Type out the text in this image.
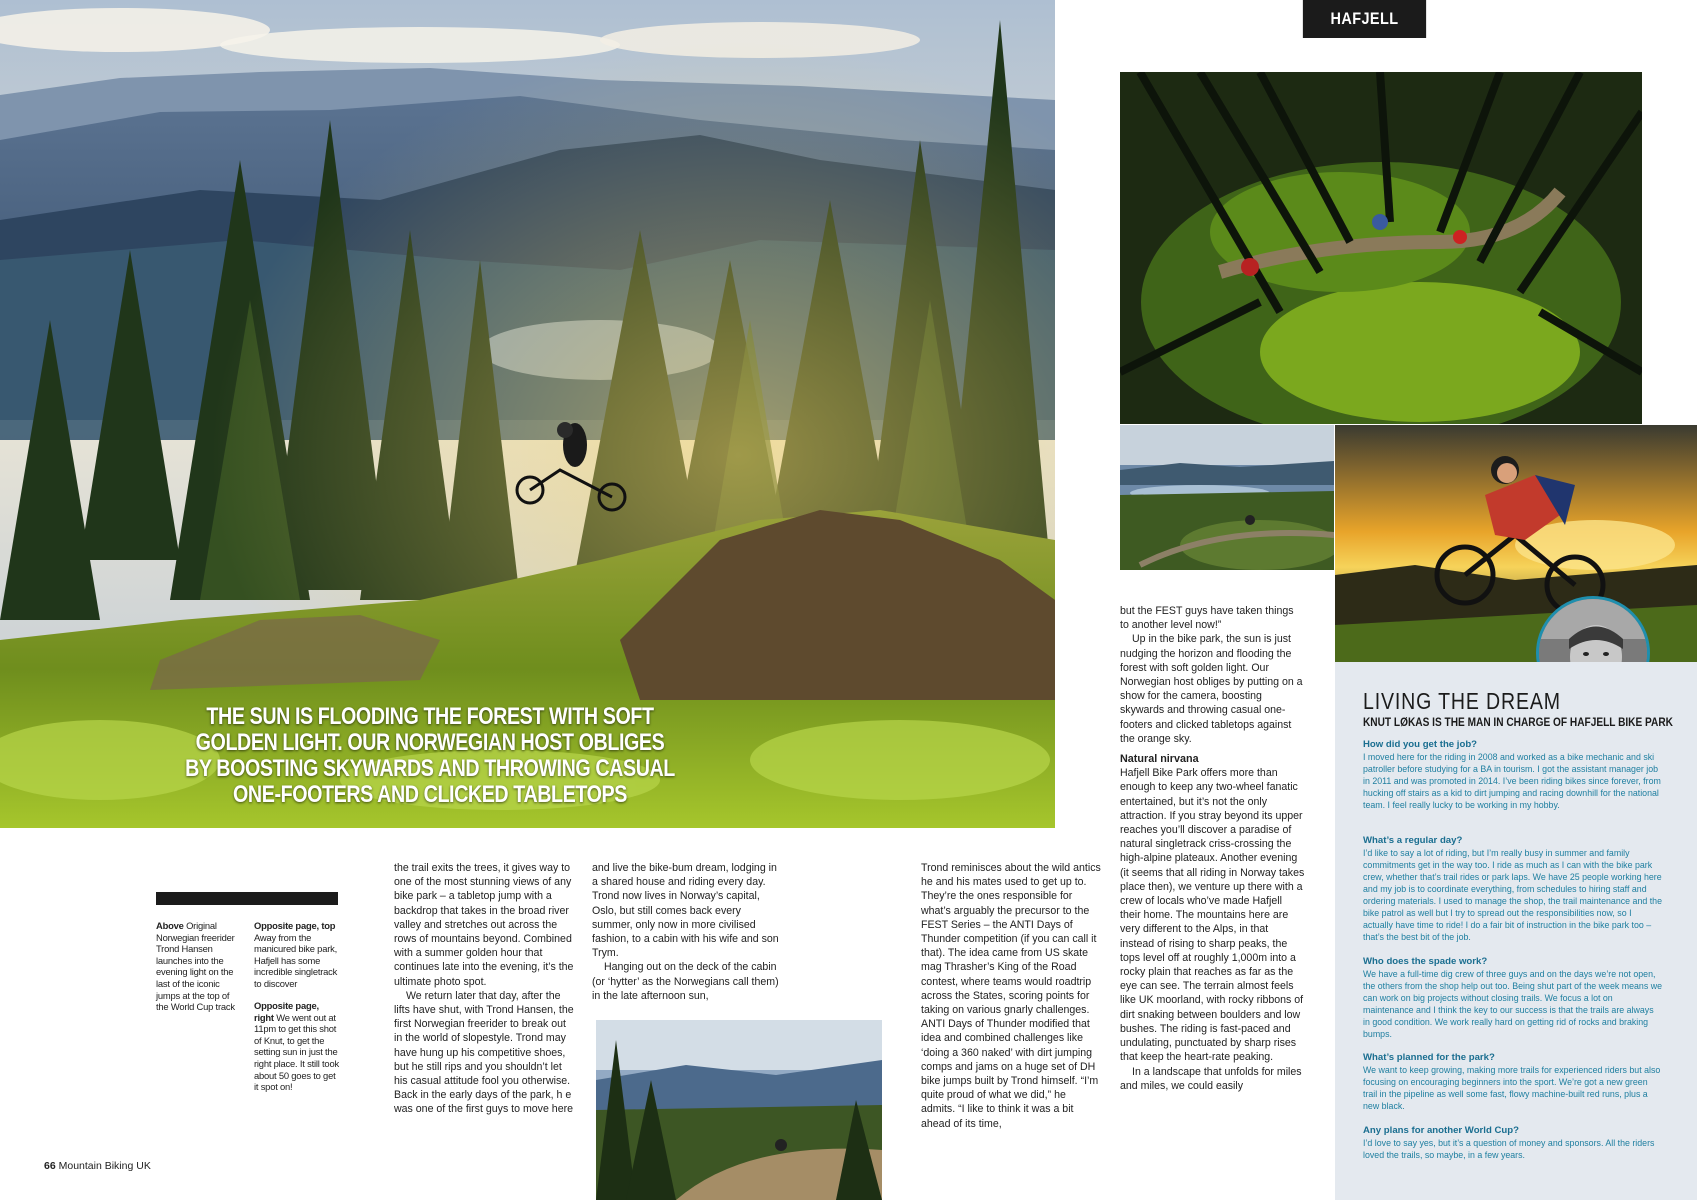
THE SUN IS FLOODING THE FOREST WITH SOFT GOLDEN LIGHT. OUR NORWEGIAN HOST OBLIGES BY BOOSTING SKYWARDS AND THROWING CASUAL ONE-FOOTERS AND CLICKED TABLETOPS
HAFJELL
Above Original Norwegian freerider Trond Hansen launches into the evening light on the last of the iconic jumps at the top of the World Cup track
Opposite page, top
Away from the manicured bike park, Hafjell has some incredible singletrack to discover
Opposite page, right We went out at 11pm to get this shot of Knut, to get the setting sun in just the right place. It still took about 50 goes to get it spot on!

the trail exits the trees, it gives way to one of the most stunning views of any bike park – a tabletop jump with a backdrop that takes in the broad river valley and stretches out across the rows of mountains beyond. Combined with a summer golden hour that continues late into the evening, it’s the ultimate photo spot.

We return later that day, after the lifts have shut, with Trond Hansen, the first Norwegian freerider to break out in the world of slopestyle. Trond may have hung up his competitive shoes, but he still rips and you shouldn’t let his casual attitude fool you otherwise. Back in the early days of the park, h e was one of the first guys to move here

and live the bike-bum dream, lodging in a shared house and riding every day. Trond now lives in Norway’s capital, Oslo, but still comes back every summer, only now in more civilised fashion, to a cabin with his wife and son Trym.

Hanging out on the deck of the cabin (or ‘hytter’ as the Norwegians call them) in the late afternoon sun,

Trond reminisces about the wild antics he and his mates used to get up to. They’re the ones responsible for what’s arguably the precursor to the FEST Series – the ANTI Days of Thunder competition (if you can call it that). The idea came from US skate mag Thrasher’s King of the Road contest, where teams would roadtrip across the States, scoring points for taking on various gnarly challenges. ANTI Days of Thunder modified that idea and combined challenges like ‘doing a 360 naked’ with dirt jumping comps and jams on a huge set of DH bike jumps built by Trond himself. “I’m quite proud of what we did,” he admits. “I like to think it was a bit ahead of its time,

but the FEST guys have taken things to another level now!”

Up in the bike park, the sun is just nudging the horizon and flooding the forest with soft golden light. Our Norwegian host obliges by putting on a show for the camera, boosting skywards and throwing casual one-footers and clicked tabletops against the orange sky.

Natural nirvana

Hafjell Bike Park offers more than enough to keep any two-wheel fanatic entertained, but it’s not the only attraction. If you stray beyond its upper reaches you’ll discover a paradise of natural singletrack criss-crossing the high-alpine plateaux. Another evening (it seems that all riding in Norway takes place then), we venture up there with a crew of locals who’ve made Hafjell their home. The mountains here are very different to the Alps, in that instead of rising to sharp peaks, the tops level off at roughly 1,000m into a rocky plain that reaches as far as the eye can see. The terrain almost feels like UK moorland, with rocky ribbons of dirt snaking between boulders and low bushes. The riding is fast-paced and undulating, punctuated by sharp rises that keep the heart-rate peaking.

In a landscape that unfolds for miles and miles, we could easily

LIVING THE DREAM
KNUT LØKAS IS THE MAN IN CHARGE OF HAFJELL BIKE PARK
How did you get the job?
I moved here for the riding in 2008 and worked as a bike mechanic and ski patroller before studying for a BA in tourism. I got the assistant manager job in 2011 and was promoted in 2014. I’ve been riding bikes since forever, from hucking off stairs as a kid to dirt jumping and racing downhill for the national team. I feel really lucky to be working in my hobby.
What’s a regular day?
I’d like to say a lot of riding, but I’m really busy in summer and family commitments get in the way too. I ride as much as I can with the bike park crew, whether that’s trail rides or park laps. We have 25 people working here and my job is to coordinate everything, from schedules to hiring staff and ordering materials. I used to manage the shop, the trail maintenance and the bike patrol as well but I try to spread out the responsibilities now, so I actually have time to ride! I do a fair bit of instruction in the bike park too – that’s the best bit of the job.
Who does the spade work?
We have a full-time dig crew of three guys and on the days we’re not open, the others from the shop help out too. Being shut part of the week means we can work on big projects without closing trails. We focus a lot on maintenance and I think the key to our success is that the trails are always in good condition. We work really hard on getting rid of rocks and braking bumps.
What’s planned for the park?
We want to keep growing, making more trails for experienced riders but also focusing on encouraging beginners into the sport. We’re got a new green trail in the pipeline as well some fast, flowy machine-built red runs, plus a new black.
Any plans for another World Cup?
I’d love to say yes, but it’s a question of money and sponsors. All the riders loved the trails, so maybe, in a few years.
66 Mountain Biking UK
